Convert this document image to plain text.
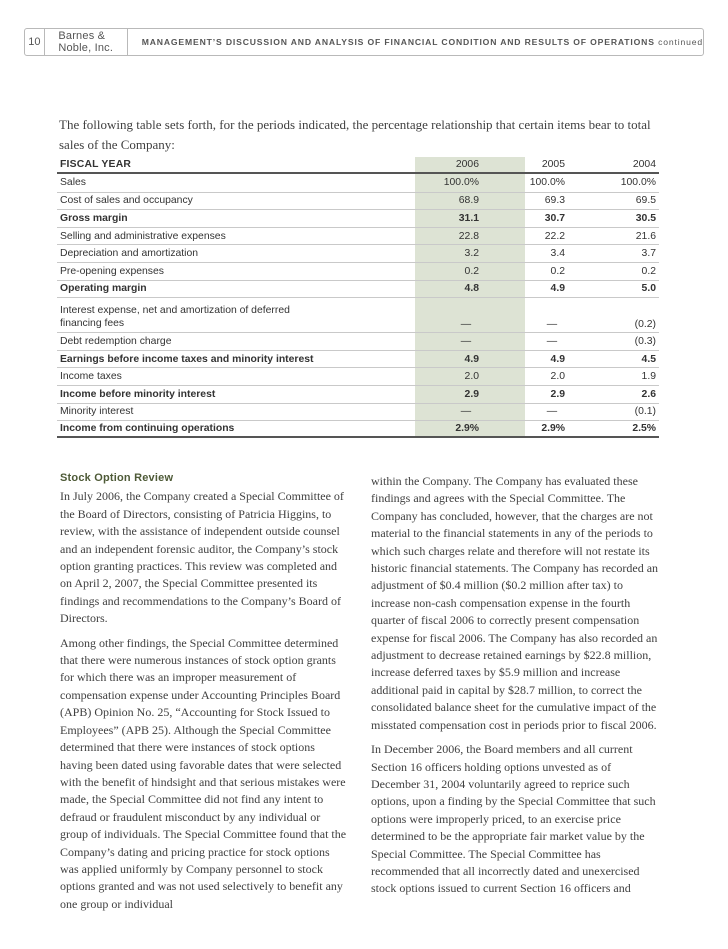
10	Barnes & Noble, Inc.	MANAGEMENT’S DISCUSSION AND ANALYSIS OF FINANCIAL CONDITION AND RESULTS OF OPERATIONS continued
The following table sets forth, for the periods indicated, the percentage relationship that certain items bear to total sales of the Company:
FISCAL YEAR	2006	2005	2004
Sales	100.0%	100.0%	100.0%
Cost of sales and occupancy	68.9	69.3	69.5
Gross margin	31.1	30.7	30.5
Selling and administrative expenses	22.8	22.2	21.6
Depreciation and amortization	3.2	3.4	3.7
Pre-opening expenses	0.2	0.2	0.2
Operating margin	4.8	4.9	5.0
Interest expense, net and amortization of deferred
financing fees	—	—	(0.2)
Debt redemption charge	—	—	(0.3)
Earnings before income taxes and minority interest	4.9	4.9	4.5
Income taxes	2.0	2.0	1.9
Income before minority interest	2.9	2.9	2.6
Minority interest	—	—	(0.1)
Income from continuing operations	2.9%	2.9%	2.5%
Stock Option Review

In July 2006, the Company created a Special Committee of the Board of Directors, consisting of Patricia Higgins, to review, with the assistance of independent outside counsel and an independent forensic auditor, the Company’s stock option granting practices. This review was completed and on April 2, 2007, the Special Committee presented its findings and recommendations to the Company’s Board of Directors.

Among other findings, the Special Committee determined that there were numerous instances of stock option grants for which there was an improper measurement of compensation expense under Accounting Principles Board (APB) Opinion No. 25, “Accounting for Stock Issued to Employees” (APB 25). Although the Special Committee determined that there were instances of stock options having been dated using favorable dates that were selected with the benefit of hindsight and that serious mistakes were made, the Special Committee did not find any intent to defraud or fraudulent misconduct by any individual or group of individuals. The Special Committee found that the Company’s dating and pricing practice for stock options was applied uniformly by Company personnel to stock options granted and was not used selectively to benefit any one group or individual

within the Company. The Company has evaluated these findings and agrees with the Special Committee. The Company has concluded, however, that the charges are not material to the financial statements in any of the periods to which such charges relate and therefore will not restate its historic financial statements. The Company has recorded an adjustment of $0.4 million ($0.2 million after tax) to increase non-cash compensation expense in the fourth quarter of fiscal 2006 to correctly present compensation expense for fiscal 2006. The Company has also recorded an adjustment to decrease retained earnings by $22.8 million, increase deferred taxes by $5.9 million and increase additional paid in capital by $28.7 million, to correct the consolidated balance sheet for the cumulative impact of the misstated compensation cost in periods prior to fiscal 2006.

In December 2006, the Board members and all current Section 16 officers holding options unvested as of December 31, 2004 voluntarily agreed to reprice such options, upon a finding by the Special Committee that such options were improperly priced, to an exercise price determined to be the appropriate fair market value by the Special Committee. The Special Committee has recommended that all incorrectly dated and unexercised stock options issued to current Section 16 officers and
